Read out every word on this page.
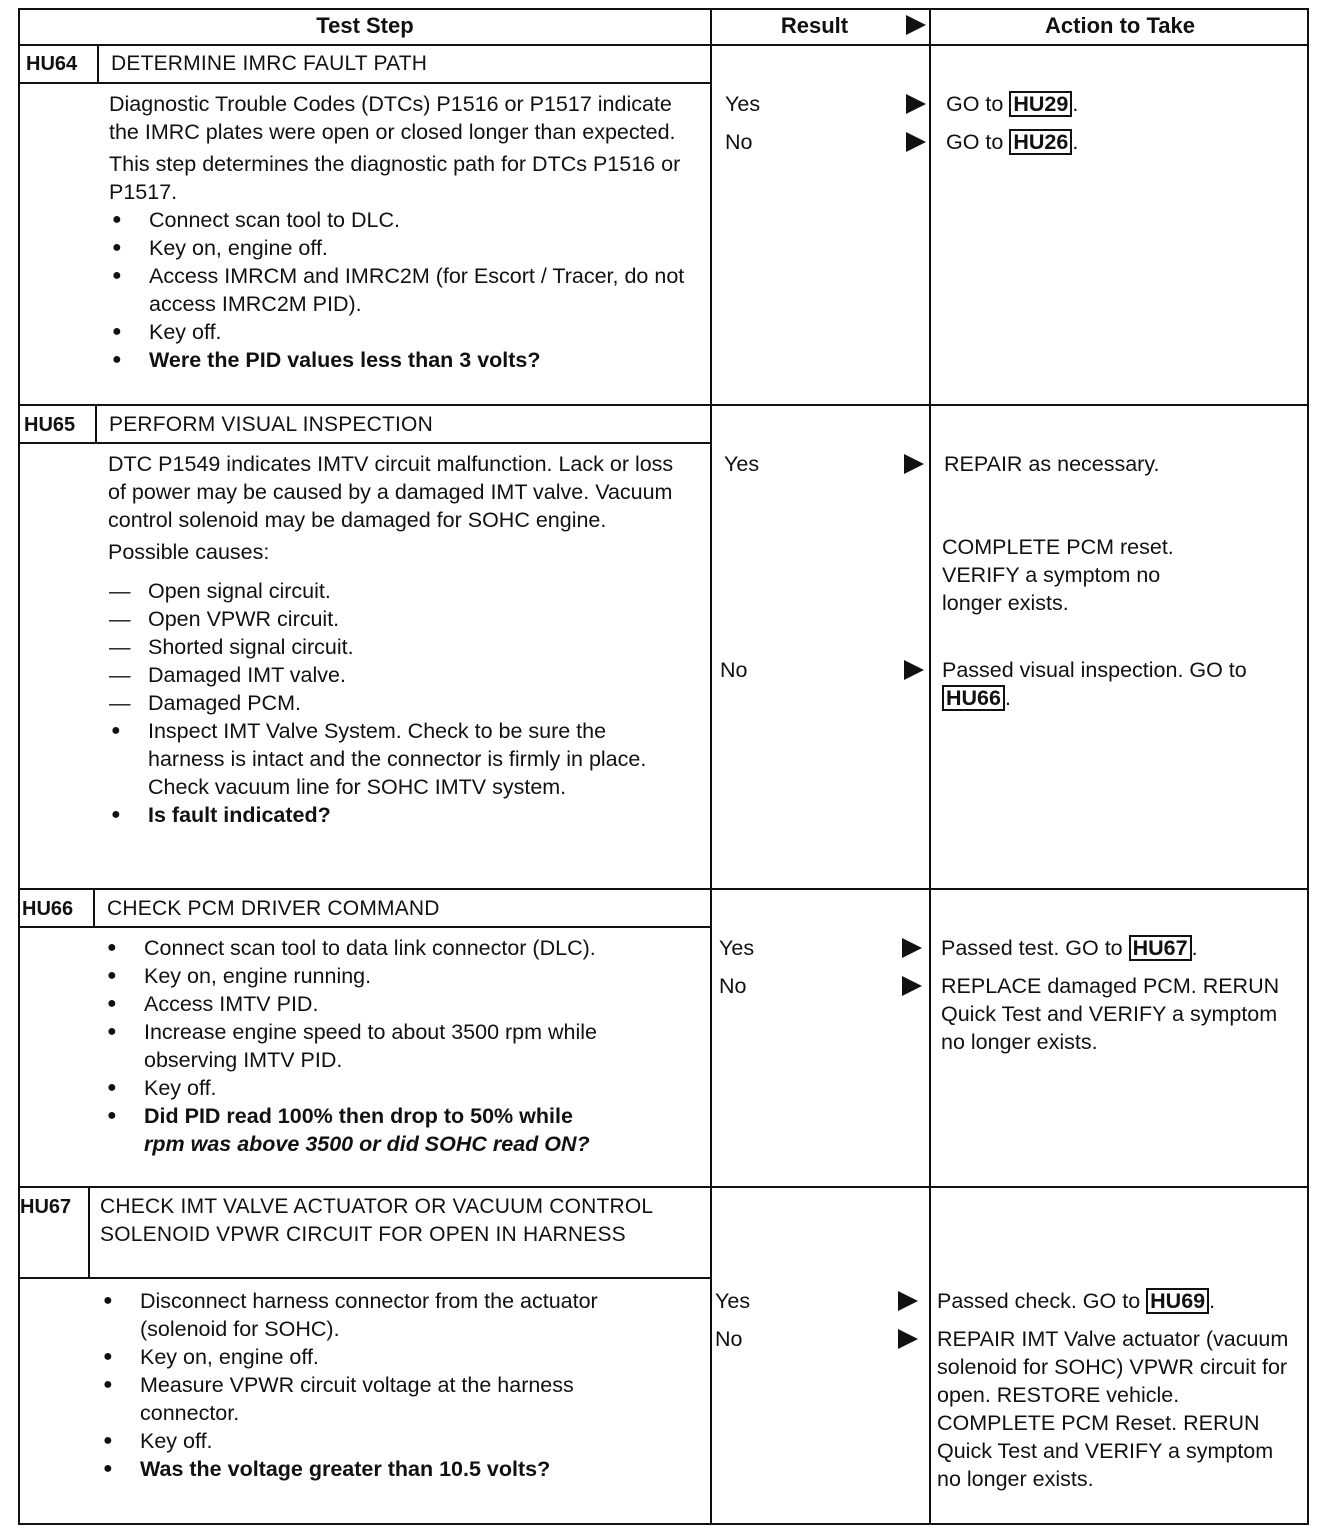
Test Step	Result	Action to Take
HU64 DETERMINE IMRC FAULT PATH

Diagnostic Trouble Codes (DTCs) P1516 or P1517 indicate the IMRC plates were open or closed longer than expected.

This step determines the diagnostic path for DTCs P1516 or P1517.

● Connect scan tool to DLC.
● Key on, engine off.
● Access IMRCM and IMRC2M (for Escort / Tracer, do not access IMRC2M PID).
● Key off.
● Were the PID values less than 3 volts?
Yes
No
GO to HU29 .
GO to HU26 .
HU65 PERFORM VISUAL INSPECTION

DTC P1549 indicates IMTV circuit malfunction. Lack or loss of power may be caused by a damaged IMT valve. Vacuum control solenoid may be damaged for SOHC engine.

Possible causes:

— Open signal circuit.
— Open VPWR circuit.
— Shorted signal circuit.
— Damaged IMT valve.
— Damaged PCM.
● Inspect IMT Valve System. Check to be sure the harness is intact and the connector is firmly in place. Check vacuum line for SOHC IMTV system.
● Is fault indicated?
Yes
No

REPAIR as necessary.

COMPLETE PCM reset. VERIFY a symptom no longer exists.

Passed visual inspection. GO to HU66 .
HU66 CHECK PCM DRIVER COMMAND
● Connect scan tool to data link connector (DLC).
● Key on, engine running.
● Access IMTV PID.
● Increase engine speed to about 3500 rpm while observing IMTV PID.
● Key off.
● Did PID read 100% then drop to 50% while
rpm was above 3500 or did SOHC read ON?
Yes
No
Passed test. GO to HU67 .

REPLACE damaged PCM. RERUN Quick Test and VERIFY a symptom no longer exists.

HU67 CHECK IMT VALVE ACTUATOR OR VACUUM CONTROL SOLENOID VPWR CIRCUIT FOR OPEN IN HARNESS
● Disconnect harness connector from the actuator (solenoid for SOHC).
● Key on, engine off.
● Measure VPWR circuit voltage at the harness connector.
● Key off.
● Was the voltage greater than 10.5 volts?
Yes
No
Passed check. GO to HU69 .

REPAIR IMT Valve actuator (vacuum solenoid for SOHC) VPWR circuit for open. RESTORE vehicle. COMPLETE PCM Reset. RERUN Quick Test and VERIFY a symptom no longer exists.
